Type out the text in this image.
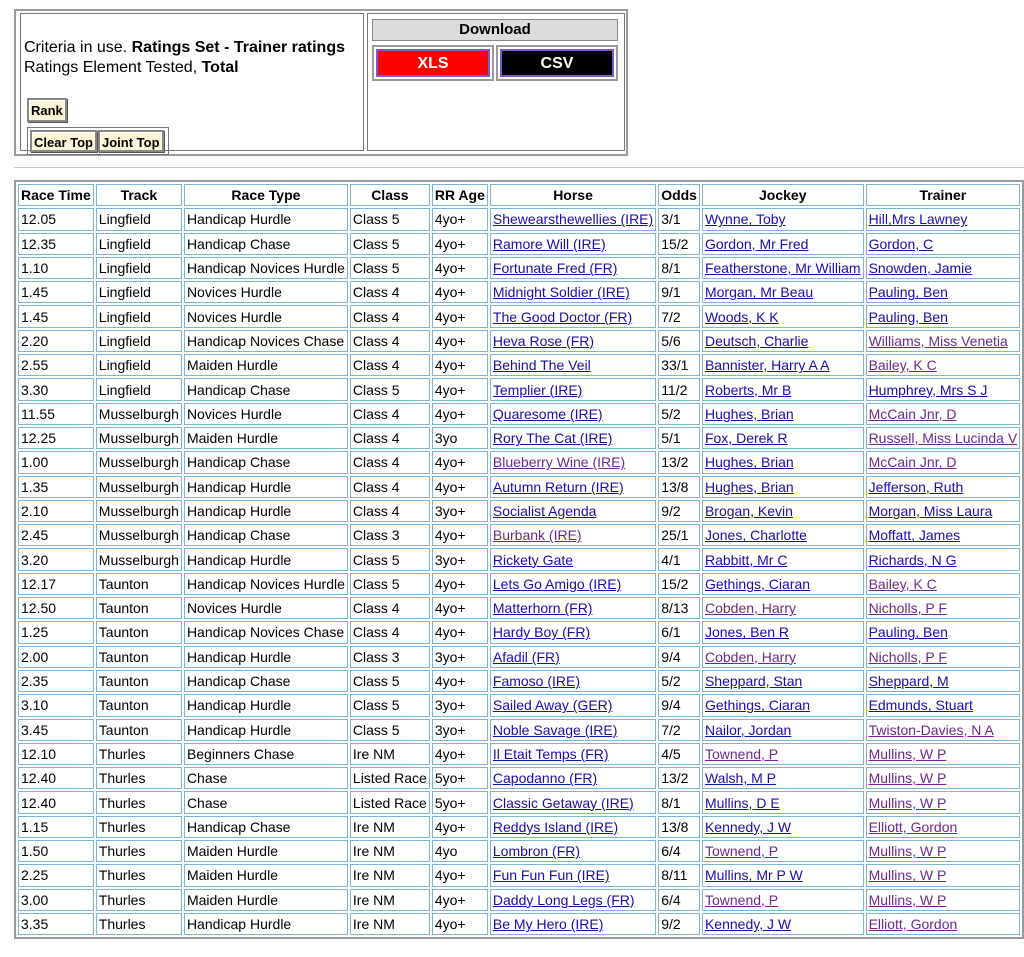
Criteria in use. Ratings Set - Trainer ratings
Ratings Element Tested, Total
Rank
Clear Top Joint Top
Download
XLS	CSV
Race Time	Track	Race Type	Class	RR Age	Horse	Odds	Jockey	Trainer
12.05	Lingfield	Handicap Hurdle	Class 5	4yo+	Shewearsthewellies (IRE)	3/1	Wynne, Toby	Hill,Mrs Lawney
12.35	Lingfield	Handicap Chase	Class 5	4yo+	Ramore Will (IRE)	15/2	Gordon, Mr Fred	Gordon, C
1.10	Lingfield	Handicap Novices Hurdle	Class 5	4yo+	Fortunate Fred (FR)	8/1	Featherstone, Mr William	Snowden, Jamie
1.45	Lingfield	Novices Hurdle	Class 4	4yo+	Midnight Soldier (IRE)	9/1	Morgan, Mr Beau	Pauling, Ben
1.45	Lingfield	Novices Hurdle	Class 4	4yo+	The Good Doctor (FR)	7/2	Woods, K K	Pauling, Ben
2.20	Lingfield	Handicap Novices Chase	Class 4	4yo+	Heva Rose (FR)	5/6	Deutsch, Charlie	Williams, Miss Venetia
2.55	Lingfield	Maiden Hurdle	Class 4	4yo+	Behind The Veil	33/1	Bannister, Harry A A	Bailey, K C
3.30	Lingfield	Handicap Chase	Class 5	4yo+	Templier (IRE)	11/2	Roberts, Mr B	Humphrey, Mrs S J
11.55	Musselburgh	Novices Hurdle	Class 4	4yo+	Quaresome (IRE)	5/2	Hughes, Brian	McCain Jnr, D
12.25	Musselburgh	Maiden Hurdle	Class 4	3yo	Rory The Cat (IRE)	5/1	Fox, Derek R	Russell, Miss Lucinda V
1.00	Musselburgh	Handicap Chase	Class 4	4yo+	Blueberry Wine (IRE)	13/2	Hughes, Brian	McCain Jnr, D
1.35	Musselburgh	Handicap Hurdle	Class 4	4yo+	Autumn Return (IRE)	13/8	Hughes, Brian	Jefferson, Ruth
2.10	Musselburgh	Handicap Hurdle	Class 4	3yo+	Socialist Agenda	9/2	Brogan, Kevin	Morgan, Miss Laura
2.45	Musselburgh	Handicap Chase	Class 3	4yo+	Burbank (IRE)	25/1	Jones, Charlotte	Moffatt, James
3.20	Musselburgh	Handicap Hurdle	Class 5	3yo+	Rickety Gate	4/1	Rabbitt, Mr C	Richards, N G
12.17	Taunton	Handicap Novices Hurdle	Class 5	4yo+	Lets Go Amigo (IRE)	15/2	Gethings, Ciaran	Bailey, K C
12.50	Taunton	Novices Hurdle	Class 4	4yo+	Matterhorn (FR)	8/13	Cobden, Harry	Nicholls, P F
1.25	Taunton	Handicap Novices Chase	Class 4	4yo+	Hardy Boy (FR)	6/1	Jones, Ben R	Pauling, Ben
2.00	Taunton	Handicap Hurdle	Class 3	3yo+	Afadil (FR)	9/4	Cobden, Harry	Nicholls, P F
2.35	Taunton	Handicap Chase	Class 5	4yo+	Famoso (IRE)	5/2	Sheppard, Stan	Sheppard, M
3.10	Taunton	Handicap Hurdle	Class 5	3yo+	Sailed Away (GER)	9/4	Gethings, Ciaran	Edmunds, Stuart
3.45	Taunton	Handicap Hurdle	Class 5	3yo+	Noble Savage (IRE)	7/2	Nailor, Jordan	Twiston-Davies, N A
12.10	Thurles	Beginners Chase	Ire NM	4yo+	Il Etait Temps (FR)	4/5	Townend, P	Mullins, W P
12.40	Thurles	Chase	Listed Race	5yo+	Capodanno (FR)	13/2	Walsh, M P	Mullins, W P
12.40	Thurles	Chase	Listed Race	5yo+	Classic Getaway (IRE)	8/1	Mullins, D E	Mullins, W P
1.15	Thurles	Handicap Chase	Ire NM	4yo+	Reddys Island (IRE)	13/8	Kennedy, J W	Elliott, Gordon
1.50	Thurles	Maiden Hurdle	Ire NM	4yo	Lombron (FR)	6/4	Townend, P	Mullins, W P
2.25	Thurles	Maiden Hurdle	Ire NM	4yo+	Fun Fun Fun (IRE)	8/11	Mullins, Mr P W	Mullins, W P
3.00	Thurles	Maiden Hurdle	Ire NM	4yo+	Daddy Long Legs (FR)	6/4	Townend, P	Mullins, W P
3.35	Thurles	Handicap Hurdle	Ire NM	4yo+	Be My Hero (IRE)	9/2	Kennedy, J W	Elliott, Gordon
